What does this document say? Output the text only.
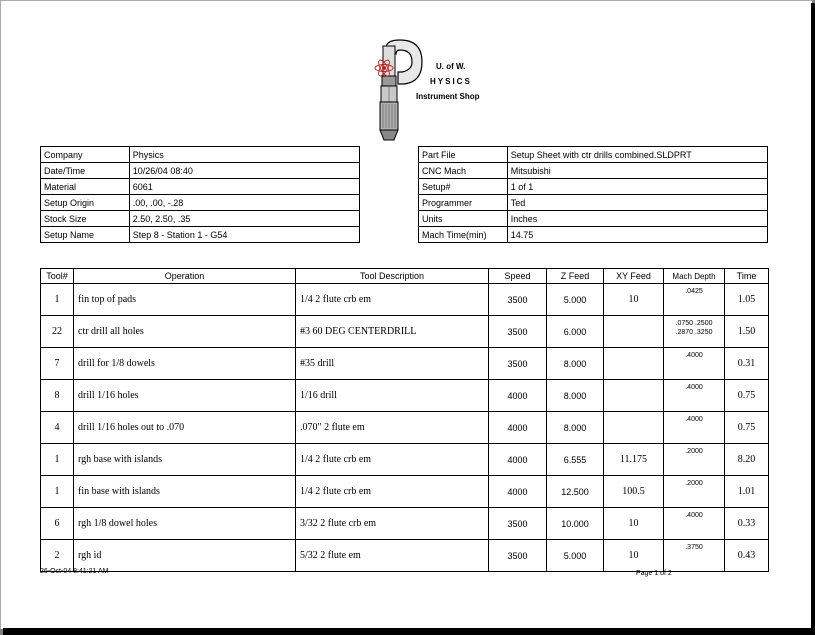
U. of W.
HYSICS
Instrument Shop
Company	Physics
Date/Time	10/26/04 08:40
Material	6061
Setup Origin	.00, .00, -.28
Stock Size	2.50, 2.50, .35
Setup Name	Step 8 - Station 1 - G54
Part File	Setup Sheet with ctr drills combined.SLDPRT
CNC Mach	Mitsubishi
Setup#	1 of 1
Programmer	Ted
Units	Inches
Mach Time(min)	14.75
Tool#	Operation	Tool Description	Speed	Z Feed	XY Feed	Mach Depth	Time
1	fin top of pads	1/4 2 flute crb em	3500	5.000	10	.0425	1.05
22	ctr drill all holes	#3 60 DEG CENTERDRILL	3500	6.000		.0750 .2500
.2870 .3250	1.50
7	drill for 1/8 dowels	#35 drill	3500	8.000		.4000	0.31
8	drill 1/16 holes	1/16 drill	4000	8.000		.4000	0.75
4	drill 1/16 holes out to .070	.070" 2 flute em	4000	8.000		.4000	0.75
1	rgh base with islands	1/4 2 flute crb em	4000	6.555	11.175	.2000	8.20
1	fin base with islands	1/4 2 flute crb em	4000	12.500	100.5	.2000	1.01
6	rgh 1/8 dowel holes	3/32 2 flute crb em	3500	10.000	10	.4000	0.33
2	rgh id	5/32 2 flute em	3500	5.000	10	.3750	0.43
26-Oct-04 8:41:21 AM	Page 1 of 2
